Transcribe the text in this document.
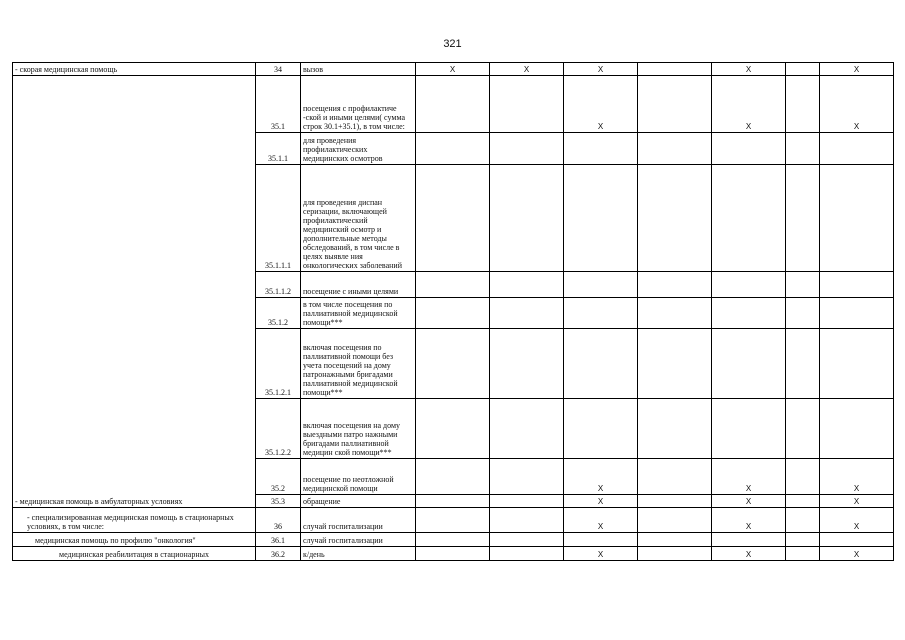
321
- скорая медицинская помощь	34	вызов	X	X	X		X		X
- медицинская помощь в амбулаторных условиях	35.1	посещения с профилактиче -ской и иными целями( сумма строк 30.1+35.1), в том числе:			X		X		X
	35.1.1	для проведения профилактических медицинских осмотров							
	35.1.1.1	для проведения диспан серизации, включающей профилактический медицинский осмотр и дополнительные методы обследований, в том числе в целях выявле ния онкологических заболеваний							
	35.1.1.2	посещение с иными целями							
	35.1.2	в том числе посещения по паллиативной медицинской помощи***							
	35.1.2.1	включая посещения по паллиативной помощи без учета посещений на дому патронажными бригадами паллиативной медицинской помощи***							
	35.1.2.2	включая посещения на дому выездными патро нажными бригадами паллиативной медицин ской помощи***							
	35.2	посещение по неотложной медицинской помощи			X		X		X
	35.3	обращение			X		X		X
- специализированная медицинская помощь в стационарных условиях, в том числе:	36	случай госпитализации			X		X		X
медицинская помощь по профилю "онкология"	36.1	случай госпитализации							
медицинская реабилитация в стационарных	36.2	к/день			X		X		X
